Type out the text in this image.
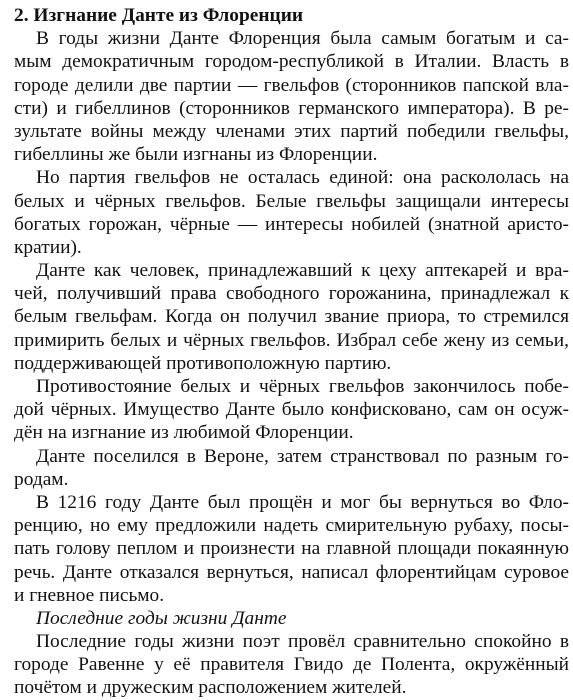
2. Изгнание Данте из Флоренции
В годы жизни Данте Флоренция была самым богатым и са-
мым демократичным городом-республикой в Италии. Власть в
городе делили две партии — гвельфов (сторонников папской вла-
сти) и гибеллинов (сторонников германского императора). В ре-
зультате войны между членами этих партий победили гвельфы,
гибеллины же были изгнаны из Флоренции.
Но партия гвельфов не осталась единой: она раскололась на
белых и чёрных гвельфов. Белые гвельфы защищали интересы
богатых горожан, чёрные — интересы нобилей (знатной аристо-
кратии).
Данте как человек, принадлежавший к цеху аптекарей и вра-
чей, получивший права свободного горожанина, принадлежал к
белым гвельфам. Когда он получил звание приора, то стремился
примирить белых и чёрных гвельфов. Избрал себе жену из семьи,
поддерживающей противоположную партию.
Противостояние белых и чёрных гвельфов закончилось побе-
дой чёрных. Имущество Данте было конфисковано, сам он осуж-
дён на изгнание из любимой Флоренции.
Данте поселился в Вероне, затем странствовал по разным го-
родам.
В 1216 году Данте был прощён и мог бы вернуться во Фло-
ренцию, но ему предложили надеть смирительную рубаху, посы-
пать голову пеплом и произнести на главной площади покаянную
речь. Данте отказался вернуться, написал флорентийцам суровое
и гневное письмо.
Последние годы жизни Данте
Последние годы жизни поэт провёл сравнительно спокойно в
городе Равенне у её правителя Гвидо де Полента, окружённый
почётом и дружеским расположением жителей.
